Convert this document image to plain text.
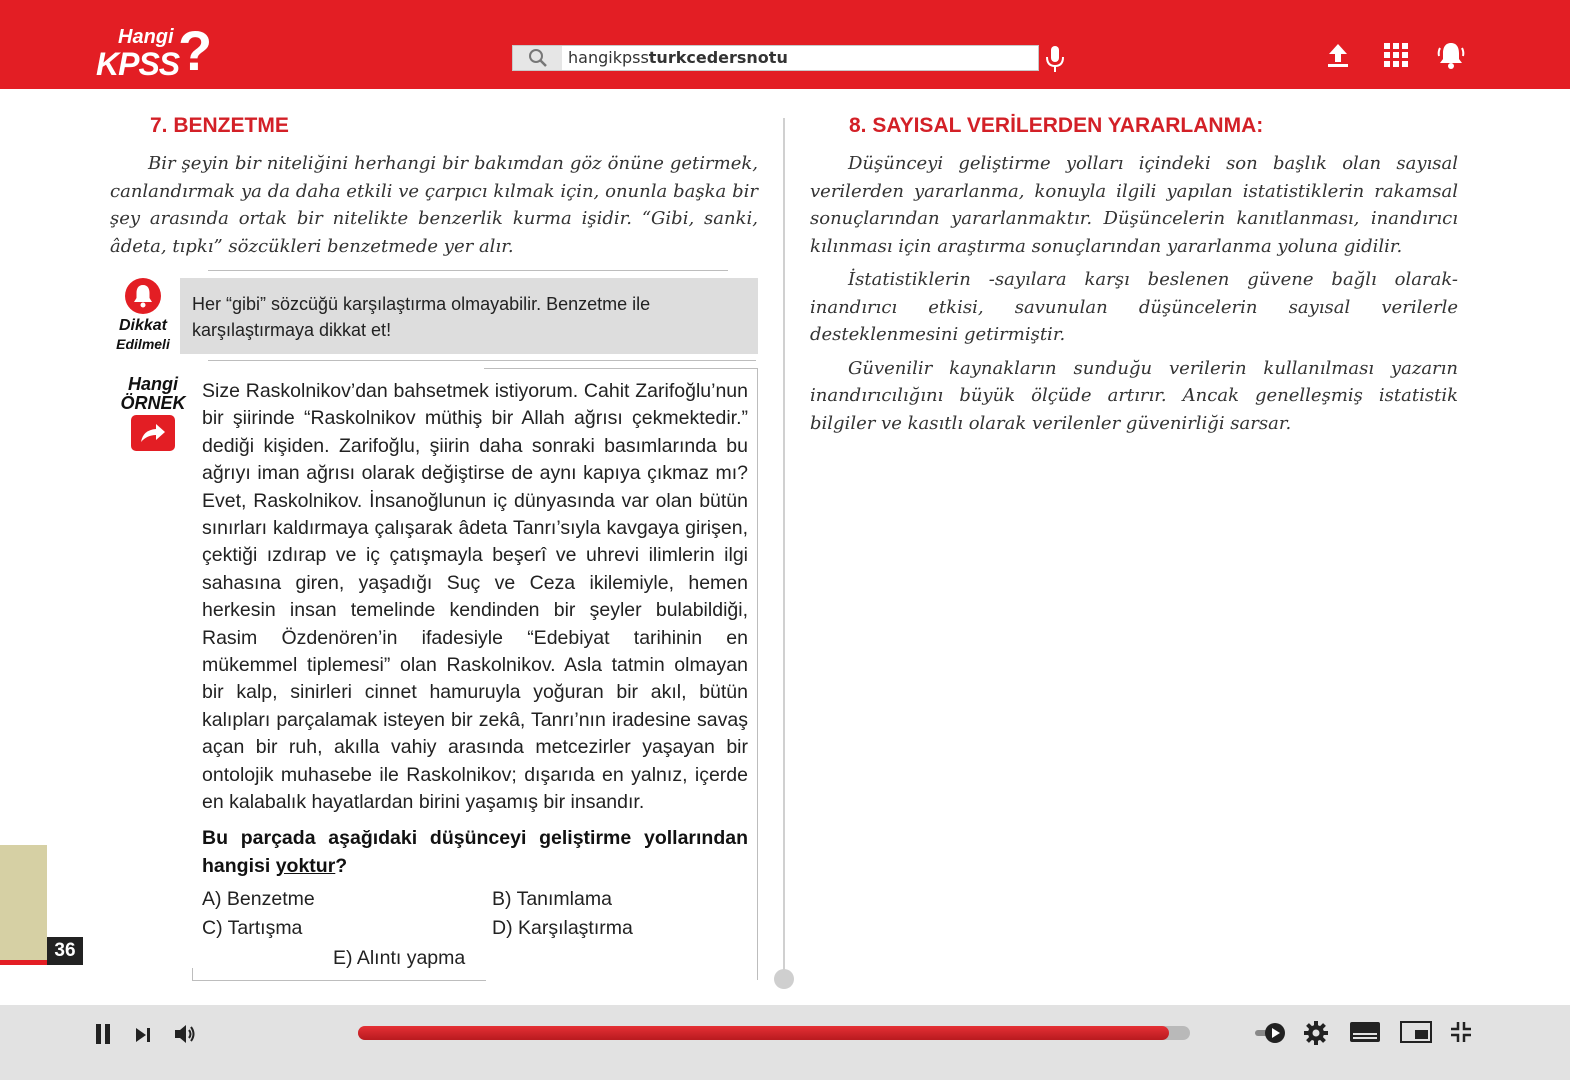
Hangi
KPSS
?	hangikpssturkcedersnotu
7. BENZETME

Bir şeyin bir niteliğini herhangi bir bakımdan göz önüne getirmek, canlandırmak ya da daha etkili ve çarpıcı kılmak için, onunla başka bir şey arasında ortak bir nitelikte benzerlik kurma işidir. “Gibi, sanki, âdeta, tıpkı” sözcükleri benzetmede yer alır.

Dikkat
Edilmeli
Her “gibi” sözcüğü karşılaştırma olmayabilir. Benzetme ile karşılaştırmaya dikkat et!
Hangi
ÖRNEK
Size Raskolnikov’dan bahsetmek istiyorum. Cahit Zarifoğlu’nun bir şiirinde “Raskolnikov müthiş bir Allah ağrısı çekmektedir.” dediği kişiden. Zarifoğlu, şiirin daha sonraki basımlarında bu ağrıyı iman ağrısı olarak değiştirse de aynı kapıya çıkmaz mı? Evet, Raskolnikov. İnsanoğlunun iç dünyasında var olan bütün sınırları kaldırmaya çalışarak âdeta Tanrı’sıyla kavgaya girişen, çektiği ızdırap ve iç çatışmayla beşerî ve uhrevi ilimlerin ilgi sahasına giren, yaşadığı Suç ve Ceza ikilemiyle, hemen herkesin insan temelinde kendinden bir şeyler bulabildiği, Rasim Özdenören’in ifadesiyle “Edebiyat tarihinin en mükemmel tiplemesi” olan Raskolnikov. Asla tatmin olmayan bir kalp, sinirleri cinnet hamuruyla yoğuran bir akıl, bütün kalıpları parçalamak isteyen bir zekâ, Tanrı’nın iradesine savaş açan bir ruh, akılla vahiy arasında metcezirler yaşayan bir ontolojik muhasebe ile Raskolnikov; dışarıda en yalnız, içerde en kalabalık hayatlardan birini yaşamış bir insandır.
Bu parçada aşağıdaki düşünceyi geliştirme yollarından hangisi yoktur?
A) Benzetme	B) Tanımlama
C) Tartışma	D) Karşılaştırma
E) Alıntı yapma
36
8. SAYISAL VERİLERDEN YARARLANMA:

Düşünceyi geliştirme yolları içindeki son başlık olan sayısal verilerden yararlanma, konuyla ilgili yapılan istatistiklerin rakamsal sonuçlarından yararlanmaktır. Düşüncelerin kanıtlanması, inandırıcı kılınması için araştırma sonuçlarından yararlanma yoluna gidilir.

İstatistiklerin -sayılara karşı beslenen güvene bağlı olarak- inandırıcı etkisi, savunulan düşüncelerin sayısal verilerle desteklenmesini getirmiştir.

Güvenilir kaynakların sunduğu verilerin kullanılması yazarın inandırıcılığını büyük ölçüde artırır. Ancak genelleşmiş istatistik bilgiler ve kasıtlı olarak verilenler güvenirliği sarsar.
